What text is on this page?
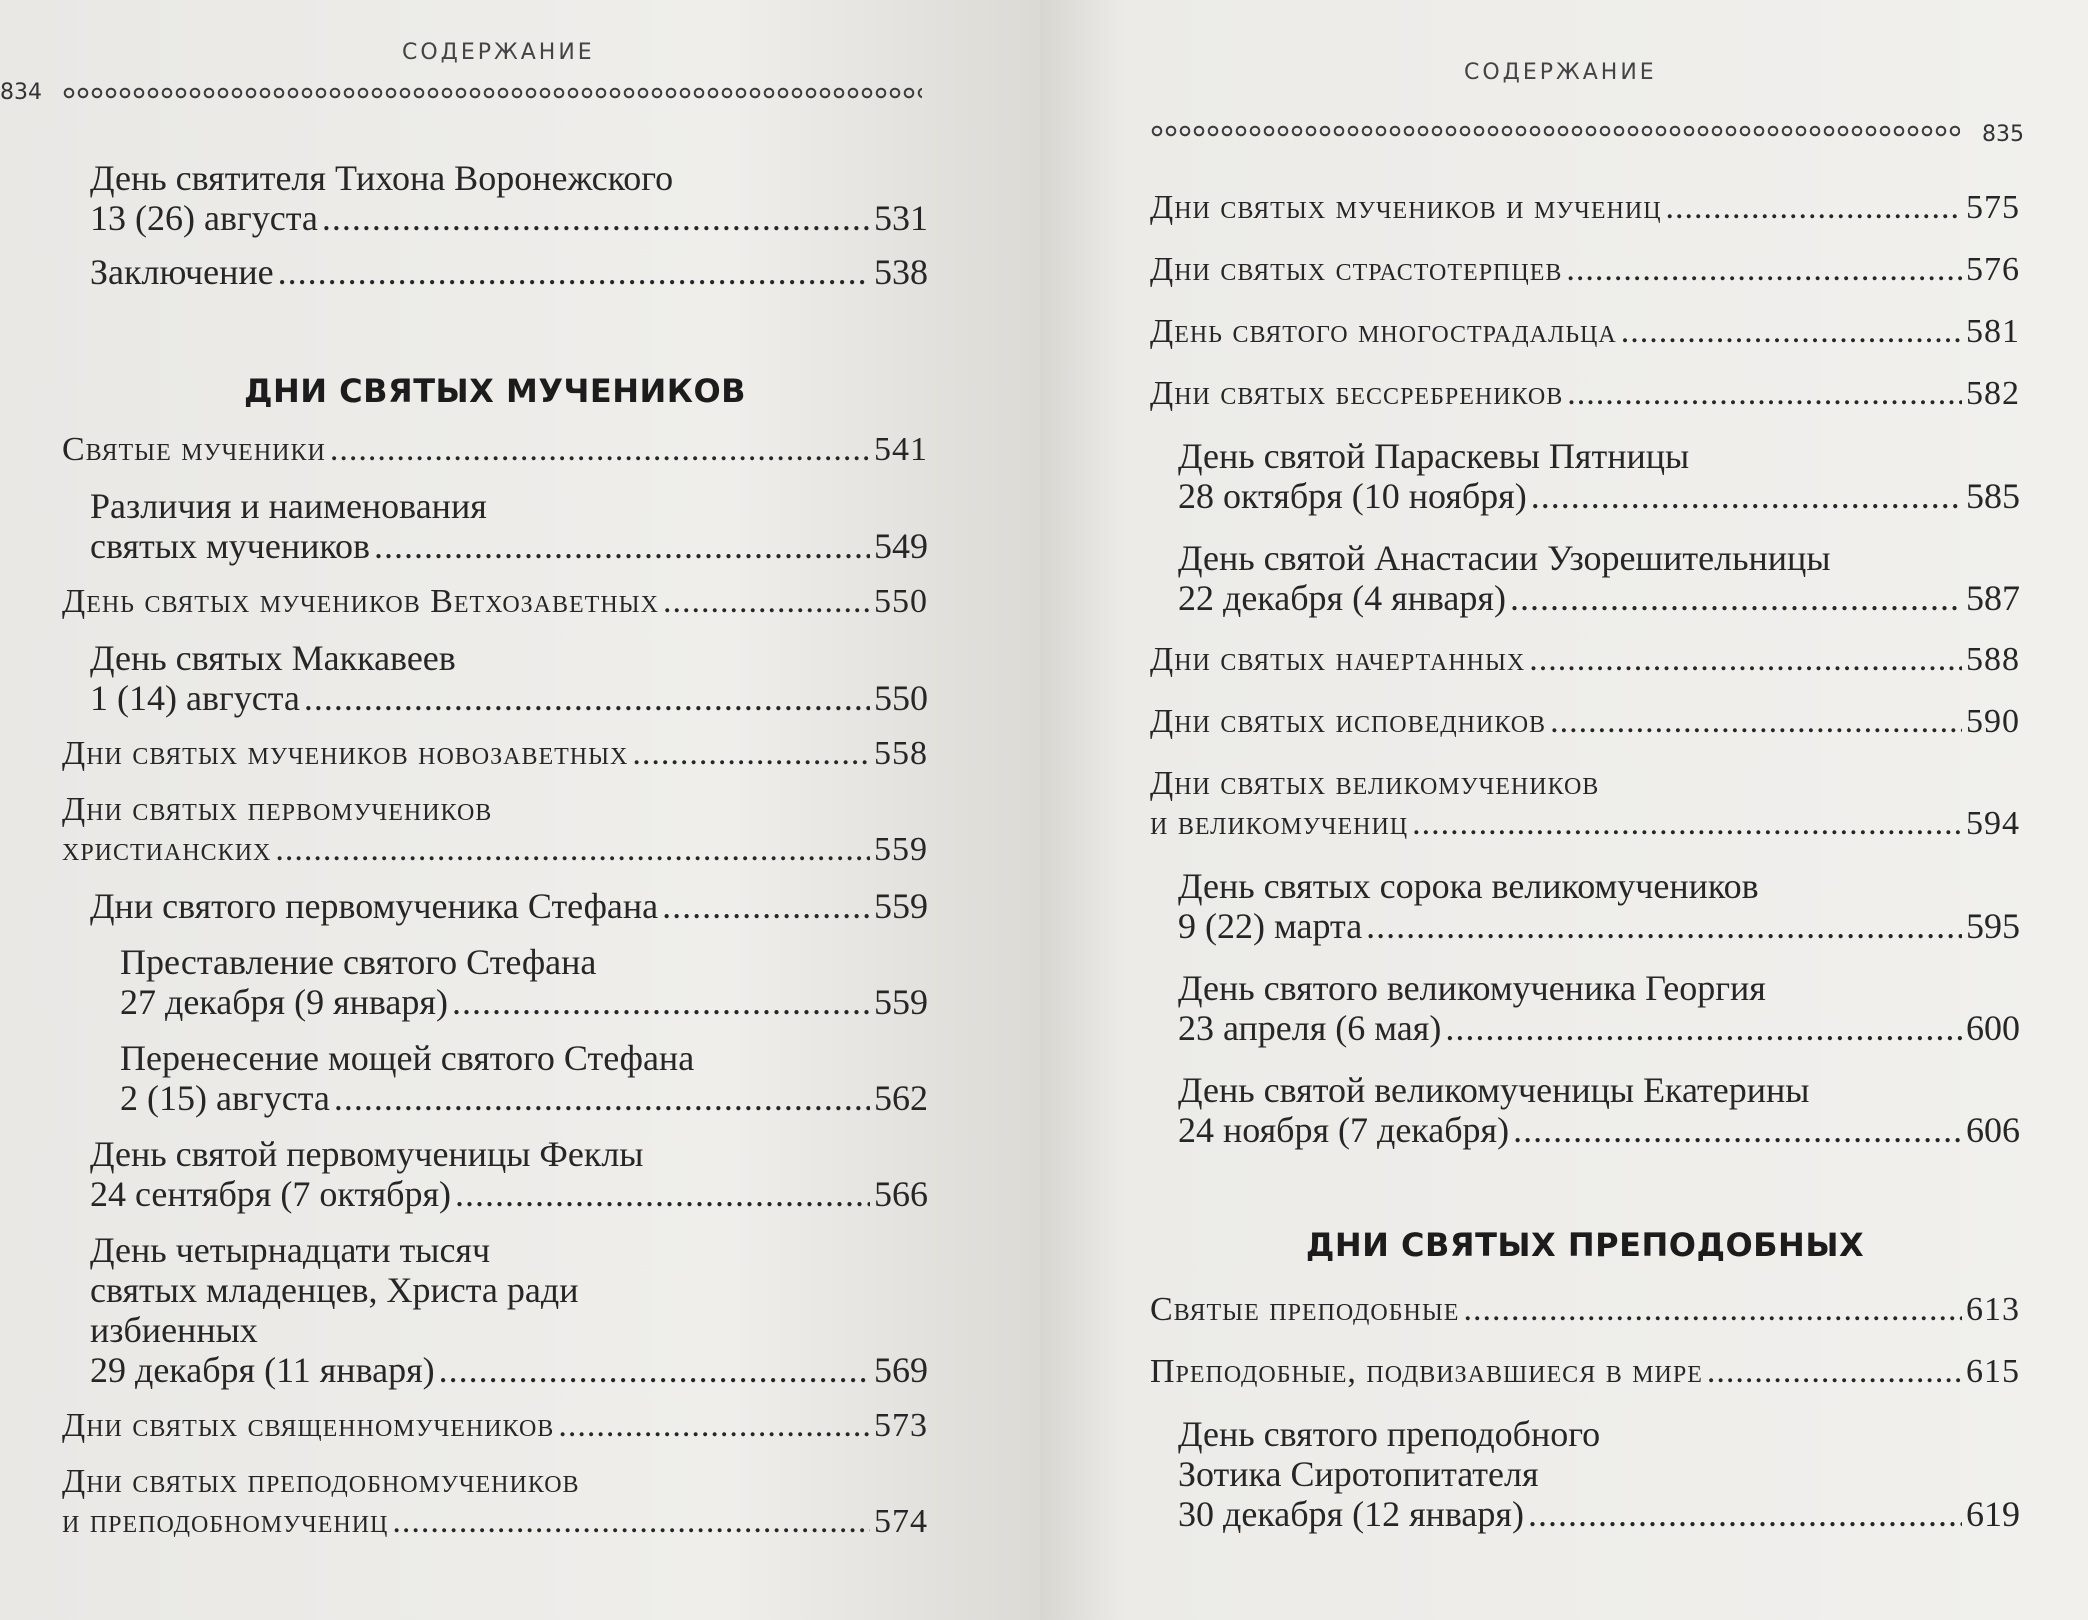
СОДЕРЖАНИЕ
834
День святителя Тихона Воронежского
13 (26) августа .....	531
Заключение .....	538
ДНИ СВЯТЫХ МУЧЕНИКОВ
Святые мученики .....	541
Различия и наименования
святых мучеников .....	549
День святых мучеников Ветхозаветных .....	550
День святых Маккавеев
1 (14) августа .....	550
Дни святых мучеников новозаветных .....	558
Дни святых первомучеников
христианских .....	559
Дни святого первомученика Стефана .....	559
Преставление святого Стефана
27 декабря (9 января) .....	559
Перенесение мощей святого Стефана
2 (15) августа .....	562
День святой первомученицы Феклы
24 сентября (7 октября) .....	566
День четырнадцати тысяч
святых младенцев, Христа ради
избиенных
29 декабря (11 января) .....	569
Дни святых священномучеников .....	573
Дни святых преподобномучеников
и преподобномучениц .....	574
СОДЕРЖАНИЕ
835
Дни святых мучеников и мучениц .....	575
Дни святых страстотерпцев .....	576
День святого многострадальца .....	581
Дни святых бессребреников .....	582
День святой Параскевы Пятницы
28 октября (10 ноября) .....	585
День святой Анастасии Узорешительницы
22 декабря (4 января) .....	587
Дни святых начертанных .....	588
Дни святых исповедников .....	590
Дни святых великомучеников
и великомучениц .....	594
День святых сорока великомучеников
9 (22) марта .....	595
День святого великомученика Георгия
23 апреля (6 мая) .....	600
День святой великомученицы Екатерины
24 ноября (7 декабря) .....	606
ДНИ СВЯТЫХ ПРЕПОДОБНЫХ
Святые преподобные .....	613
Преподобные, подвизавшиеся в мире .....	615
День святого преподобного
Зотика Сиротопитателя
30 декабря (12 января) .....	619
